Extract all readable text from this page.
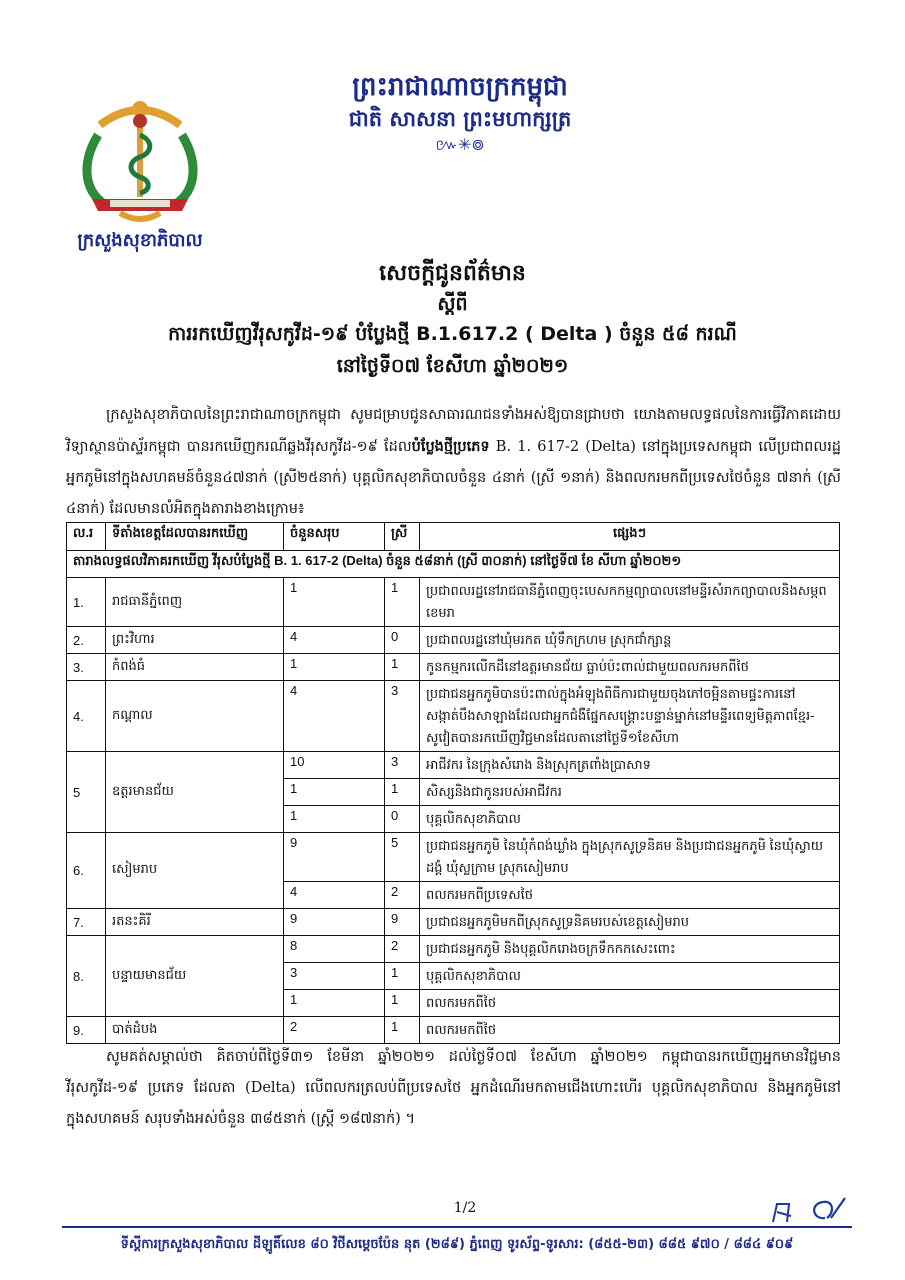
ក្រសួងសុខាភិបាល
ព្រះរាជាណាចក្រកម្ពុជា
ជាតិ សាសនា ព្រះមហាក្សត្រ
៚✳៙
សេចក្តីជូនព័ត៌មាន
ស្តីពី
ការរកឃើញវីរុសកូវីដ-១៩ បំប្លែងថ្មី B.1.617.2 ( Delta ) ចំនួន ៥៨ ករណី
នៅថ្ងៃទី០៧ ខែសីហា ឆ្នាំ២០២១
ក្រសួងសុខាភិបាលនៃព្រះរាជាណាចក្រកម្ពុជា សូមជម្រាបជូនសាធារណជនទាំងអស់ឱ្យបានជ្រាបថា យោងតាមលទ្ធផលនៃការធ្វើវិភាគដោយវិទ្យាស្ថានប៉ាស្ទ័រកម្ពុជា បានរកឃើញករណីឆ្លងវីរុសកូវីដ-១៩ ដែលបំប្លែងថ្មីប្រភេទ B. 1. 617-2 (Delta) នៅក្នុងប្រទេសកម្ពុជា លើប្រជាពលរដ្ឋអ្នកភូមិនៅក្នុងសហគមន៍ចំនួន៤៧នាក់ (ស្រី២៥នាក់) បុគ្គលិកសុខាភិបាលចំនួន ៤នាក់ (ស្រី ១នាក់) និងពលករមកពីប្រទេសថៃចំនួន ៧នាក់ (ស្រី ៤នាក់) ដែលមានលំអិតក្នុងតារាងខាងក្រោម៖
ល.រ	ទីតាំងខេត្តដែលបានរកឃើញ	ចំនួនសរុប	ស្រី	ផ្សេងៗ
តារាងលទ្ធផលវិភាគរកឃើញ វីរុសបំប្លែងថ្មី B. 1. 617-2 (Delta) ចំនួន ៥៨នាក់ (ស្រី ៣០នាក់) នៅថ្ងៃទី៧ ខែ សីហា ឆ្នាំ២០២១				
1.	រាជធានីភ្នំពេញ	1	1	ប្រជាពលរដ្ឋនៅរាជធានីភ្នំពេញចុះបេសកកម្មព្យាបាលនៅមន្ទីរសំរាកព្យាបាលនិងសម្ភពខេមរា
2.	ព្រះវិហារ	4	0	ប្រជាពលរដ្ឋនៅឃុំមរកត ឃុំទឹកក្រហម ស្រុកជាំក្សាន្ត
3.	កំពង់ធំ	1	1	កូនកម្មករលើកដីនៅឧត្តរមានជ័យ ធ្លាប់ប៉ះពាល់ជាមួយពលករមកពីថៃ
4.	កណ្តាល	4	3	ប្រជាជនអ្នកភូមិបានប៉ះពាល់ក្នុងអំឡុងពិធីការជាមួយចុងភៅចម្អិនតាមផ្ទះការនៅសង្កាត់បឹងសាឡាងដែលជាអ្នកជំងឺផ្នែកសង្គ្រោះបន្ទាន់ម្នាក់នៅមន្ទីរពេទ្យមិត្តភាពខ្មែរ-សូវៀតបានរកឃើញវិជ្ជមានដែលតានៅថ្ងៃទី១ខែសីហា
5	ឧត្តរមានជ័យ	10	3	អាជីវករ នៃក្រុងសំរោង និងស្រុកត្រពាំងប្រាសាទ
		1	1	សិស្សនិងជាកូនរបស់អាជីវករ
		1	0	បុគ្គលិកសុខាភិបាល
6.	សៀមរាប	9	5	ប្រជាជនអ្នកភូមិ នៃឃុំកំពង់ឃ្លាំង ក្នុងស្រុកសូទ្រនិគម និងប្រជាជនអ្នកភូមិ នៃឃុំស្វាយដង្គំ ឃុំស្លក្រាម ស្រុកសៀមរាប
		4	2	ពលករមកពីប្រទេសថៃ
7.	រតនះគិរី	9	9	ប្រជាជនអ្នកភូមិមកពីស្រុកសូទ្រនិគមរបស់ខេត្តសៀមរាប
8.	បន្ទាយមានជ័យ	8	2	ប្រជាជនអ្នកភូមិ និងបុគ្គលិករោងចក្រទឹកកកសេះពោះ
		3	1	បុគ្គលិកសុខាភិបាល
		1	1	ពលករមកពីថៃ
9.	បាត់ដំបង	2	1	ពលករមកពីថៃ
សូមគត់សម្គាល់ថា គិតចាប់ពីថ្ងៃទី៣១ ខែមីនា ឆ្នាំ២០២១ ដល់ថ្ងៃទី០៧ ខែសីហា ឆ្នាំ២០២១ កម្ពុជាបានរកឃើញអ្នកមានវិជ្ជមានវីរុសកូវីដ-១៩ ប្រភេទ ដែលតា (Delta) លើពលករត្រលប់ពីប្រទេសថៃ អ្នកដំណើរមកតាមជើងហោះហើរ បុគ្គលិកសុខាភិបាល និងអ្នកភូមិនៅក្នុងសហគមន៍ សរុបទាំងអស់ចំនួន ៣៨៥នាក់ (ស្ត្រី ១៨៧នាក់) ។
1/2
ទីស្តីការក្រសួងសុខាភិបាល ដីឡូតិ៍លេខ ៨០ វិថីសម្តេចប៉ែន នុត (២៨៩) ភ្នំពេញ ទូរស័ព្ទ-ទូរសារ: (៨៥៥-២៣) ៨៨៥ ៩៧០ / ៨៨៤ ៩០៩
